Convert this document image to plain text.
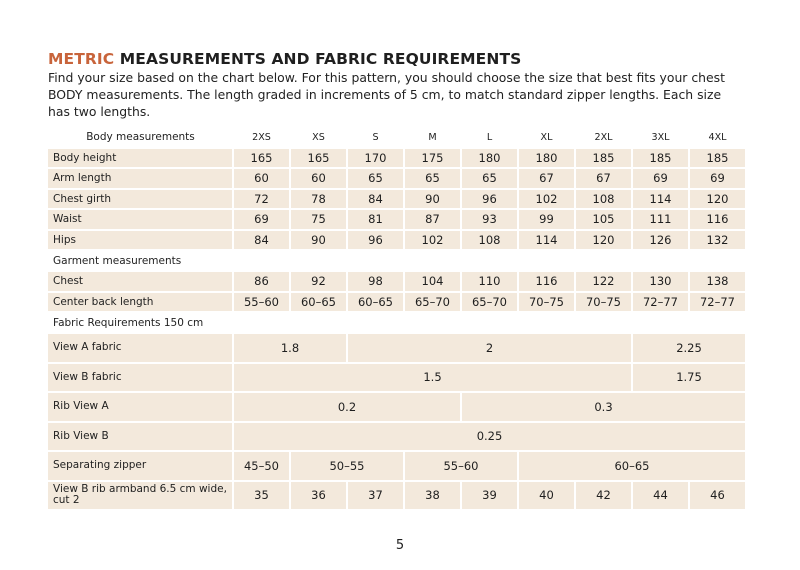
METRIC MEASUREMENTS AND FABRIC REQUIREMENTS

Find your size based on the chart below. For this pattern, you should choose the size that best fits your chest BODY measurements. The length graded in increments of 5 cm, to match standard zipper lengths. Each size has two lengths.

Body measurements	2XS	XS	S	M	L	XL	2XL	3XL	4XL
Body height	165	165	170	175	180	180	185	185	185
Arm length	60	60	65	65	65	67	67	69	69
Chest girth	72	78	84	90	96	102	108	114	120
Waist	69	75	81	87	93	99	105	111	116
Hips	84	90	96	102	108	114	120	126	132
Garment measurements									
Chest	86	92	98	104	110	116	122	130	138
Center back length	55–60	60–65	60–65	65–70	65–70	70–75	70–75	72–77	72–77
Fabric Requirements 150 cm									
View A fabric	1.8		2					2.25	
View B fabric	1.5							1.75	
Rib View A	0.2				0.3				
Rib View B	0.25								
Separating zipper	45–50	50–55		55–60		60–65			
View B rib armband 6.5 cm wide, cut 2	35	36	37	38	39	40	42	44	46
5
